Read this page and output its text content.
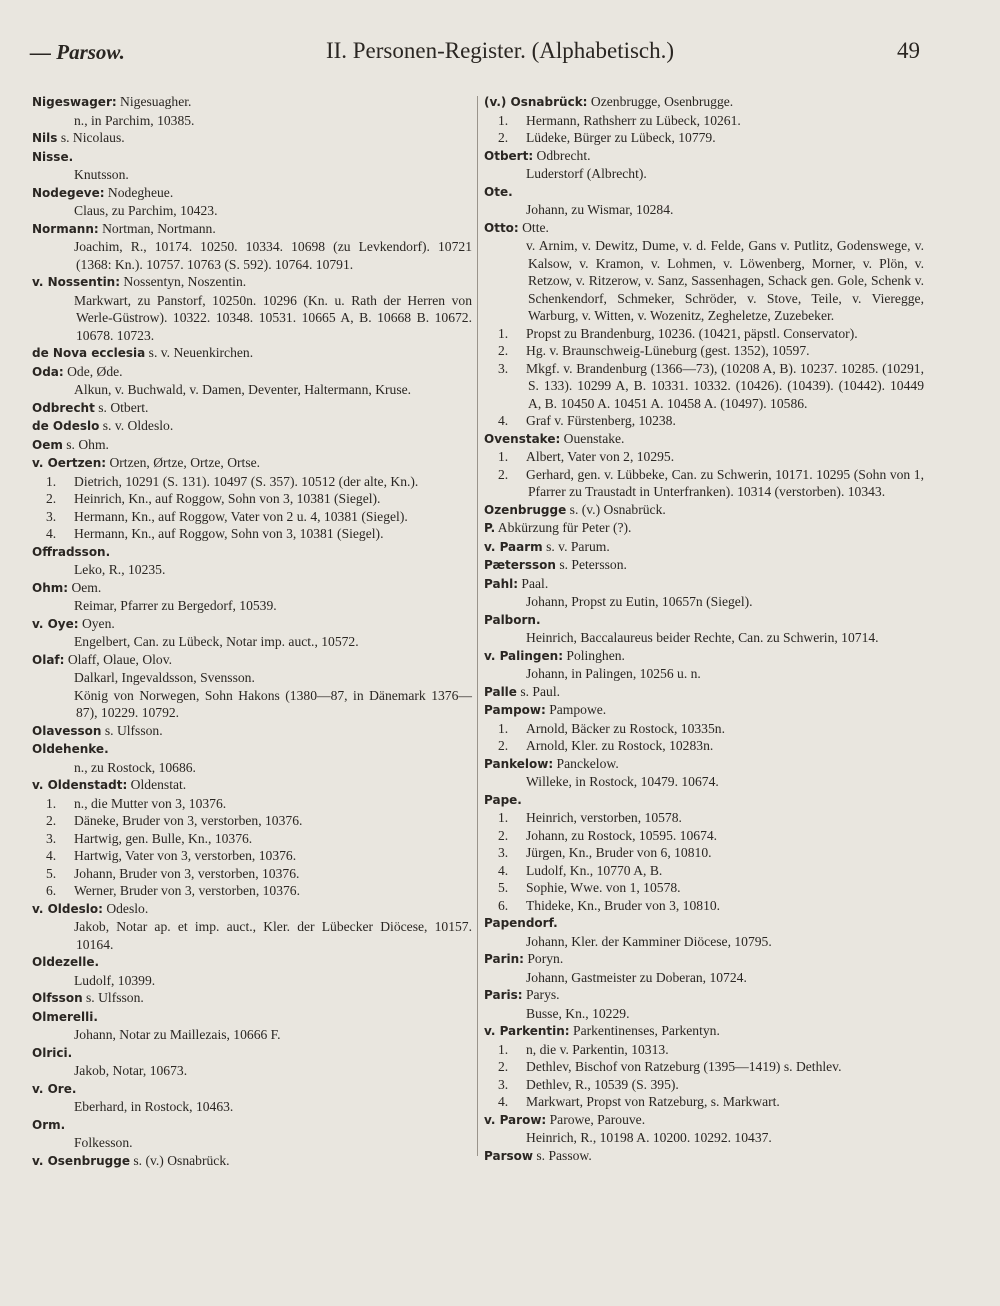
— Parsow.	II. Personen-Register. (Alphabetisch.)	49
Nigeswager: Nigesuagher.
n., in Parchim, 10385.
Nils s. Nicolaus.
Nisse.
Knutsson.
Nodegeve: Nodegheue.
Claus, zu Parchim, 10423.
Normann: Nortman, Nortmann.
Joachim, R., 10174. 10250. 10334. 10698 (zu Levkendorf). 10721 (1368: Kn.). 10757. 10763 (S. 592). 10764. 10791.
v. Nossentin: Nossentyn, Noszentin.
Markwart, zu Panstorf, 10250n. 10296 (Kn. u. Rath der Herren von Werle-Güstrow). 10322. 10348. 10531. 10665 A, B. 10668 B. 10672. 10678. 10723.
de Nova ecclesia s. v. Neuenkirchen.
Oda: Ode, Øde.
Alkun, v. Buchwald, v. Damen, Deventer, Haltermann, Kruse.
Odbrecht s. Otbert.
de Odeslo s. v. Oldeslo.
Oem s. Ohm.
v. Oertzen: Ortzen, Ørtze, Ortze, Ortse.
1. Dietrich, 10291 (S. 131). 10497 (S. 357). 10512 (der alte, Kn.).
2. Heinrich, Kn., auf Roggow, Sohn von 3, 10381 (Siegel).
3. Hermann, Kn., auf Roggow, Vater von 2 u. 4, 10381 (Siegel).
4. Hermann, Kn., auf Roggow, Sohn von 3, 10381 (Siegel).
Offradsson.
Leko, R., 10235.
Ohm: Oem.
Reimar, Pfarrer zu Bergedorf, 10539.
v. Oye: Oyen.
Engelbert, Can. zu Lübeck, Notar imp. auct., 10572.
Olaf: Olaff, Olaue, Olov.
Dalkarl, Ingevaldsson, Svensson.
König von Norwegen, Sohn Hakons (1380—87, in Dänemark 1376—87), 10229. 10792.
Olavesson s. Ulfsson.
Oldehenke.
n., zu Rostock, 10686.
v. Oldenstadt: Oldenstat.
1. n., die Mutter von 3, 10376.
2. Däneke, Bruder von 3, verstorben, 10376.
3. Hartwig, gen. Bulle, Kn., 10376.
4. Hartwig, Vater von 3, verstorben, 10376.
5. Johann, Bruder von 3, verstorben, 10376.
6. Werner, Bruder von 3, verstorben, 10376.
v. Oldeslo: Odeslo.
Jakob, Notar ap. et imp. auct., Kler. der Lübecker Diöcese, 10157. 10164.
Oldezelle.
Ludolf, 10399.
Olfsson s. Ulfsson.
Olmerelli.
Johann, Notar zu Maillezais, 10666 F.
Olrici.
Jakob, Notar, 10673.
v. Ore.
Eberhard, in Rostock, 10463.
Orm.
Folkesson.
v. Osenbrugge s. (v.) Osnabrück.
(v.) Osnabrück: Ozenbrugge, Osenbrugge.
1. Hermann, Rathsherr zu Lübeck, 10261.
2. Lüdeke, Bürger zu Lübeck, 10779.
Otbert: Odbrecht.
Luderstorf (Albrecht).
Ote.
Johann, zu Wismar, 10284.
Otto: Otte.
v. Arnim, v. Dewitz, Dume, v. d. Felde, Gans v. Putlitz, Godenswege, v. Kalsow, v. Kramon, v. Lohmen, v. Löwenberg, Morner, v. Plön, v. Retzow, v. Ritzerow, v. Sanz, Sassenhagen, Schack gen. Gole, Schenk v. Schenkendorf, Schmeker, Schröder, v. Stove, Teile, v. Vieregge, Warburg, v. Witten, v. Wozenitz, Zegheletze, Zuzebeker.
1. Propst zu Brandenburg, 10236. (10421, päpstl. Conservator).
2. Hg. v. Braunschweig-Lüneburg (gest. 1352), 10597.
3. Mkgf. v. Brandenburg (1366—73), (10208 A, B). 10237. 10285. (10291, S. 133). 10299 A, B. 10331. 10332. (10426). (10439). (10442). 10449 A, B. 10450 A. 10451 A. 10458 A. (10497). 10586.
4. Graf v. Fürstenberg, 10238.
Ovenstake: Ouenstake.
1. Albert, Vater von 2, 10295.
2. Gerhard, gen. v. Lübbeke, Can. zu Schwerin, 10171. 10295 (Sohn von 1, Pfarrer zu Traustadt in Unterfranken). 10314 (verstorben). 10343.
Ozenbrugge s. (v.) Osnabrück.
P. Abkürzung für Peter (?).
v. Paarm s. v. Parum.
Pætersson s. Petersson.
Pahl: Paal.
Johann, Propst zu Eutin, 10657n (Siegel).
Palborn.
Heinrich, Baccalaureus beider Rechte, Can. zu Schwerin, 10714.
v. Palingen: Polinghen.
Johann, in Palingen, 10256 u. n.
Palle s. Paul.
Pampow: Pampowe.
1. Arnold, Bäcker zu Rostock, 10335n.
2. Arnold, Kler. zu Rostock, 10283n.
Pankelow: Panckelow.
Willeke, in Rostock, 10479. 10674.
Pape.
1. Heinrich, verstorben, 10578.
2. Johann, zu Rostock, 10595. 10674.
3. Jürgen, Kn., Bruder von 6, 10810.
4. Ludolf, Kn., 10770 A, B.
5. Sophie, Wwe. von 1, 10578.
6. Thideke, Kn., Bruder von 3, 10810.
Papendorf.
Johann, Kler. der Kamminer Diöcese, 10795.
Parin: Poryn.
Johann, Gastmeister zu Doberan, 10724.
Paris: Parys.
Busse, Kn., 10229.
v. Parkentin: Parkentinenses, Parkentyn.
1. n, die v. Parkentin, 10313.
2. Dethlev, Bischof von Ratzeburg (1395—1419) s. Dethlev.
3. Dethlev, R., 10539 (S. 395).
4. Markwart, Propst von Ratzeburg, s. Markwart.
v. Parow: Parowe, Parouve.
Heinrich, R., 10198 A. 10200. 10292. 10437.
Parsow s. Passow.
